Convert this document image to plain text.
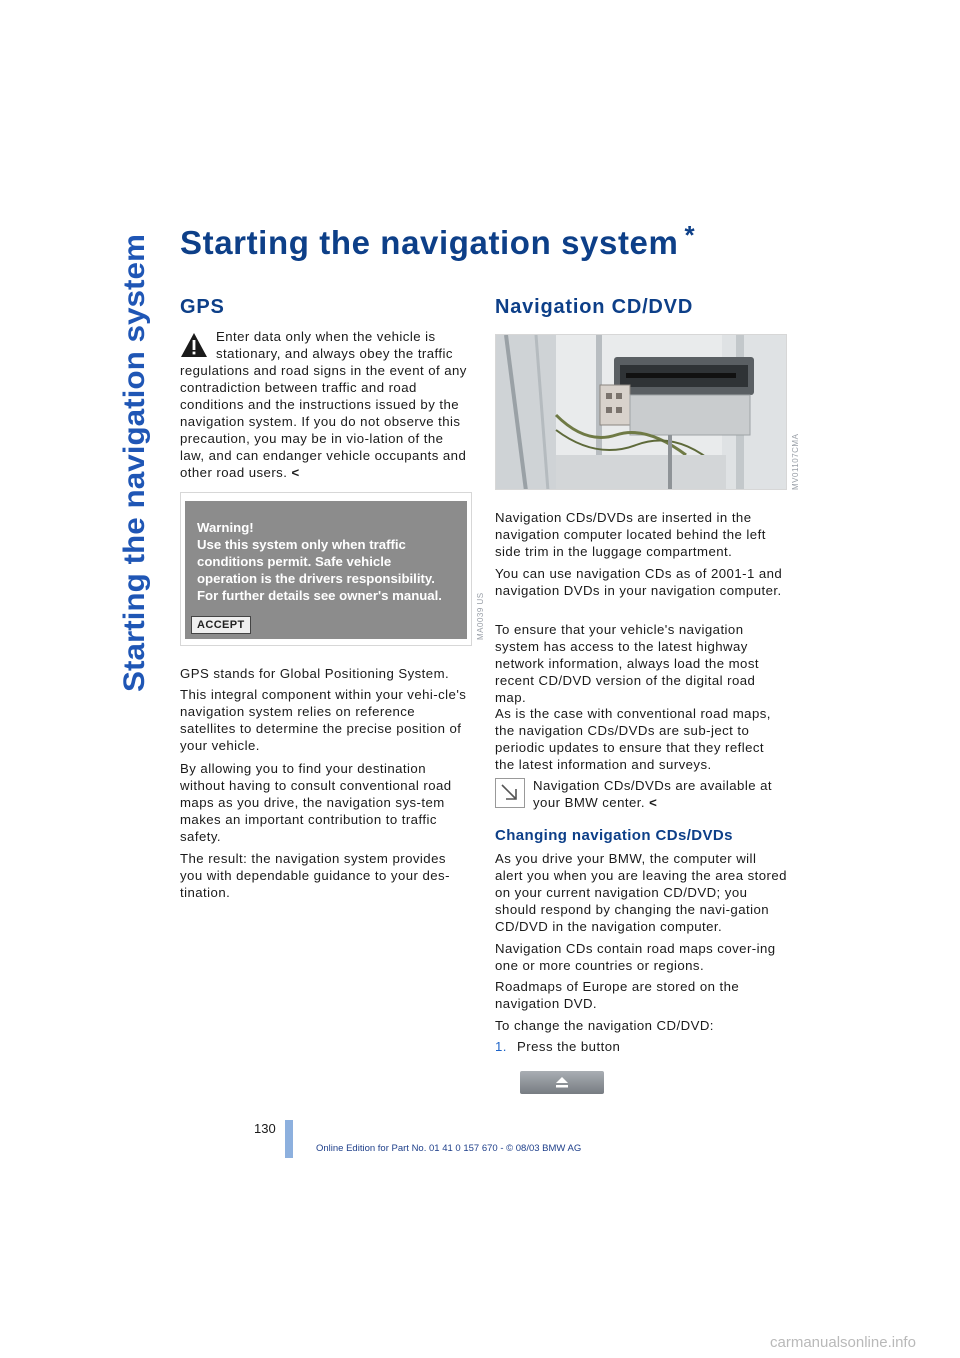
Starting the navigation system
Starting the navigation system *
GPS

Enter data only when the vehicle is

stationary, and always obey the traffic

regulations and road signs in the event of any contradiction between traffic and road conditions and the instructions issued by the navigation system. If you do not observe this precaution, you may be in vio-lation of the law, and can endanger vehicle occupants and other road users. <

Warning!
Use this system only when traffic
conditions permit. Safe vehicle
operation is the drivers responsibility.
For further details see owner's manual.

ACCEPT	MA0039 US

GPS stands for Global Positioning System.

This integral component within your vehi-cle's navigation system relies on reference satellites to determine the precise position of your vehicle.

By allowing you to find your destination without having to consult conventional road maps as you drive, the navigation sys-tem makes an important contribution to traffic safety.

The result: the navigation system provides you with dependable guidance to your des-tination.

Navigation CD/DVD
MV01107CMA

Navigation CDs/DVDs are inserted in the navigation computer located behind the left side trim in the luggage compartment.

You can use navigation CDs as of 2001-1 and navigation DVDs in your navigation computer.

To ensure that your vehicle's navigation system has access to the latest highway network information, always load the most recent CD/DVD version of the digital road map.

As is the case with conventional road maps, the navigation CDs/DVDs are sub-ject to periodic updates to ensure that they reflect the latest information and surveys.

Navigation CDs/DVDs are available at

your BMW center. <

Changing navigation CDs/DVDs

As you drive your BMW, the computer will alert you when you are leaving the area stored on your current navigation CD/DVD; you should respond by changing the navi-gation CD/DVD in the navigation computer.

Navigation CDs contain road maps cover-ing one or more countries or regions.

Roadmaps of Europe are stored on the navigation DVD.

To change the navigation CD/DVD:

1. Press the button

130
Online Edition for Part No. 01 41 0 157 670 - © 08/03 BMW AG
carmanualsonline.info
